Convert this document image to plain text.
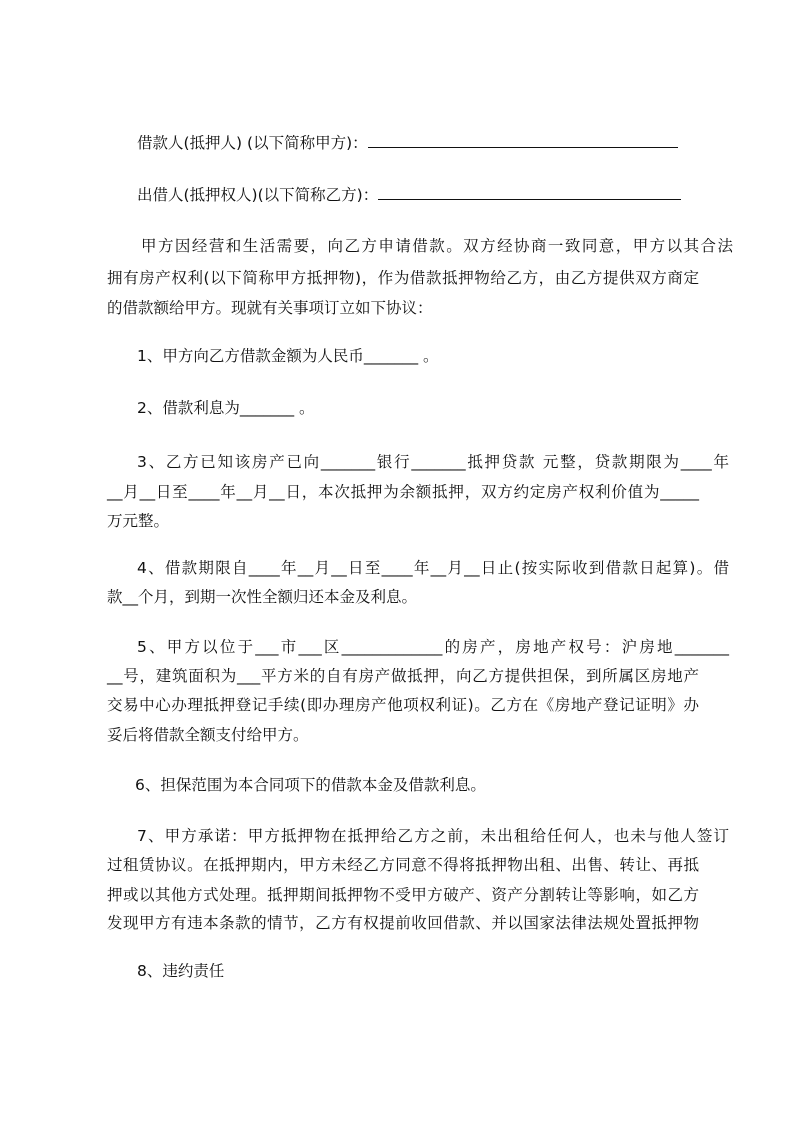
借款人(抵押人) (以下简称甲方)：
出借人(抵押权人)(以下简称乙方)：
甲方因经营和生活需要，向乙方申请借款。双方经协商一致同意，甲方以其合法
拥有房产权利(以下简称甲方抵押物)，作为借款抵押物给乙方，由乙方提供双方商定
的借款额给甲方。现就有关事项订立如下协议：
1、甲方向乙方借款金额为人民币_______ 。
2、借款利息为_______ 。
3、乙方已知该房产已向_______银行_______抵押贷款 元整，贷款期限为____年
__月__日至____年__月__日，本次抵押为余额抵押，双方约定房产权利价值为_____
万元整。
4、借款期限自____年__月__日至____年__月__日止(按实际收到借款日起算)。借
款__个月，到期一次性全额归还本金及利息。
5、甲方以位于___市___区_____________的房产，房地产权号：沪房地_______
__号，建筑面积为___平方米的自有房产做抵押，向乙方提供担保，到所属区房地产
交易中心办理抵押登记手续(即办理房产他项权利证)。乙方在《房地产登记证明》办
妥后将借款全额支付给甲方。
6、担保范围为本合同项下的借款本金及借款利息。
7、甲方承诺：甲方抵押物在抵押给乙方之前，未出租给任何人，也未与他人签订
过租赁协议。在抵押期内，甲方未经乙方同意不得将抵押物出租、出售、转让、再抵
押或以其他方式处理。抵押期间抵押物不受甲方破产、资产分割转让等影响，如乙方
发现甲方有违本条款的情节，乙方有权提前收回借款、并以国家法律法规处置抵押物
8、违约责任
